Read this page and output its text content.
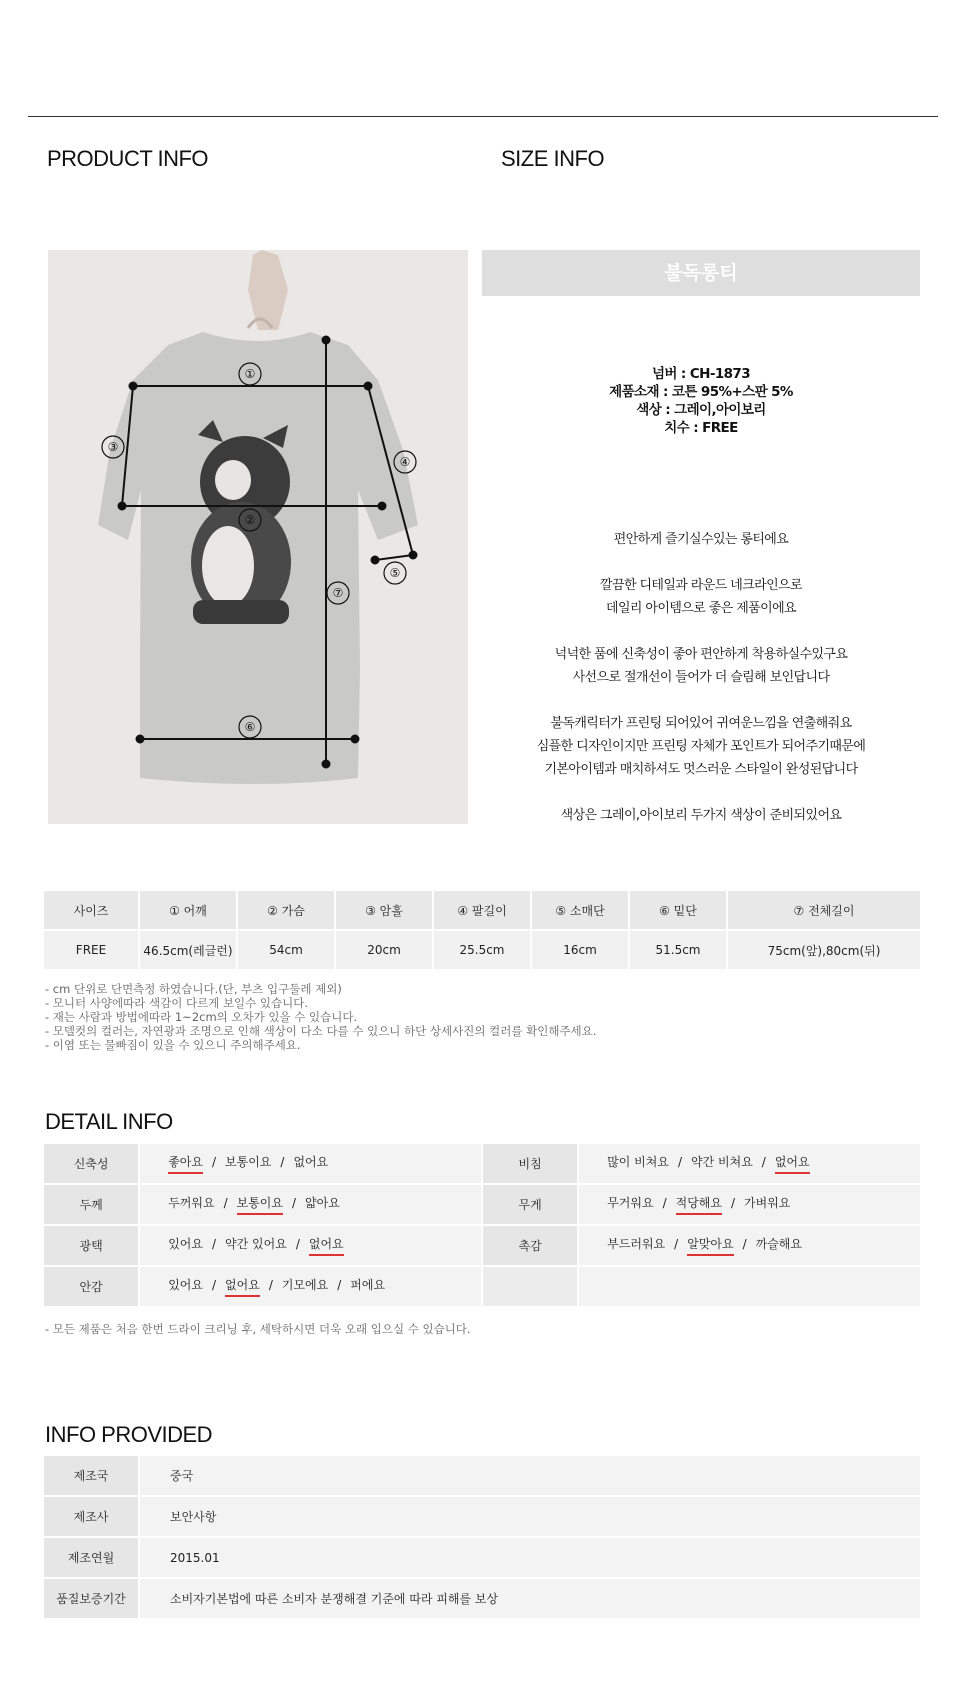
PRODUCT INFO	SIZE INFO
①
②
③
④
⑤
⑦
⑥
불독롱티
넘버 : CH-1873
제품소재 : 코튼 95%+스판 5%
색상 : 그레이,아이보리
치수 : FREE
편안하게 즐기실수있는 롱티에요
깔끔한 디테일과 라운드 네크라인으로
데일리 아이템으로 좋은 제품이에요
넉넉한 품에 신축성이 좋아 편안하게 착용하실수있구요
사선으로 절개선이 들어가 더 슬림해 보인답니다
불독캐릭터가 프린팅 되어있어 귀여운느낌을 연출해줘요
심플한 디자인이지만 프린팅 자체가 포인트가 되어주기때문에
기본아이템과 매치하셔도 멋스러운 스타일이 완성된답니다
색상은 그레이,아이보리 두가지 색상이 준비되있어요
사이즈	① 어깨	② 가슴	③ 암홀	④ 팔길이	⑤ 소매단	⑥ 밑단	⑦ 전체길이
FREE	46.5cm(레글런)	54cm	20cm	25.5cm	16cm	51.5cm	75cm(앞),80cm(뒤)
- cm 단위로 단면측정 하였습니다.(단, 부츠 입구둘레 제외)
- 모니터 사양에따라 색감이 다르게 보일수 있습니다.
- 재는 사람과 방법에따라 1~2cm의 오차가 있을 수 있습니다.
- 모델컷의 컬러는, 자연광과 조명으로 인해 색상이 다소 다를 수 있으니 하단 상세사진의 컬러를 확인해주세요.
- 이염 또는 물빠짐이 있을 수 있으니 주의해주세요.
DETAIL INFO
신축성	좋아요 / 보통이요 / 없어요	비침	많이 비쳐요 / 약간 비쳐요 / 없어요
두께	두꺼워요 / 보통이요 / 얇아요	무게	무거워요 / 적당해요 / 가벼워요
광택	있어요 / 약간 있어요 / 없어요	촉감	부드러워요 / 알맞아요 / 까슬해요
안감	있어요 / 없어요 / 기모에요 / 퍼에요		
- 모든 제품은 처음 한번 드라이 크리닝 후, 세탁하시면 더욱 오래 입으실 수 있습니다.
INFO PROVIDED
제조국	중국
제조사	보안사항
제조연월	2015.01
품질보증기간	소비자기본법에 따른 소비자 분쟁해결 기준에 따라 피해를 보상
